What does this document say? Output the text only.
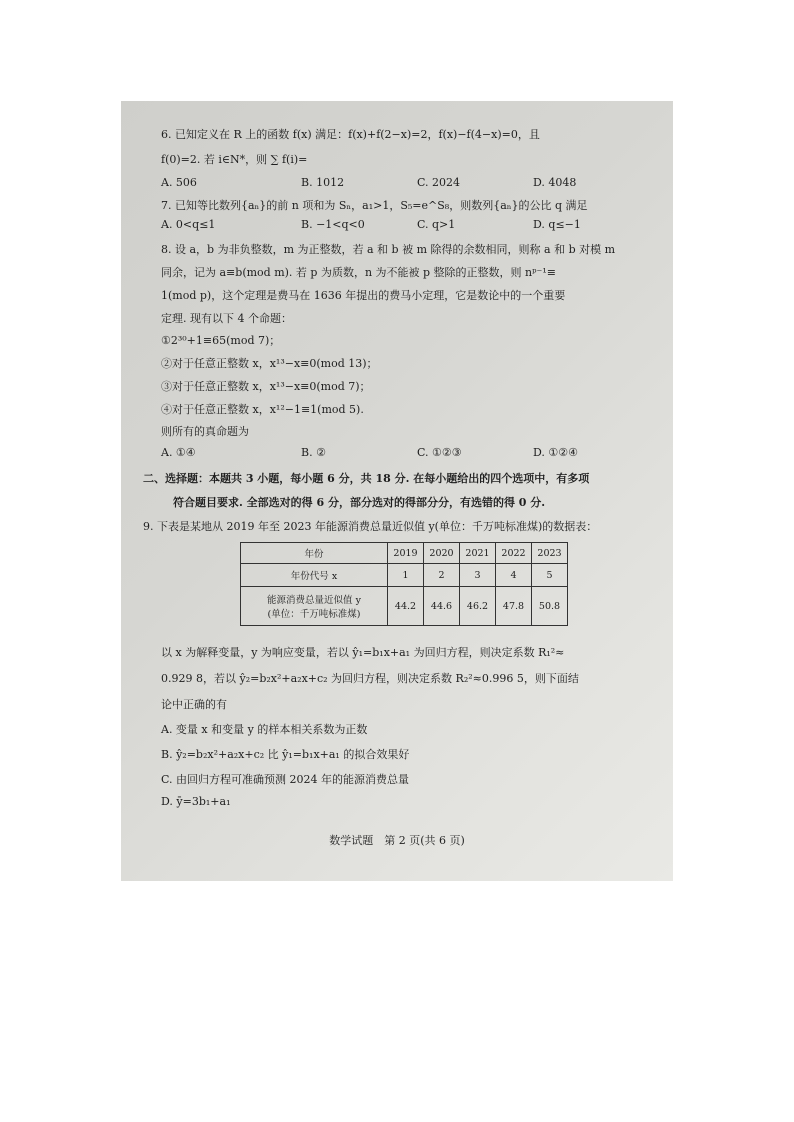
6. 已知定义在 R 上的函数 f(x) 满足：f(x)+f(2−x)=2，f(x)−f(4−x)=0，且
f(0)=2. 若 i∈N*，则 ∑ f(i)=
A. 506	B. 1012	C. 2024	D. 4048
7. 已知等比数列{aₙ}的前 n 项和为 Sₙ，a₁>1，S₅=e^S₈，则数列{aₙ}的公比 q 满足
A. 0<q≤1	B. −1<q<0	C. q>1	D. q≤−1
8. 设 a，b 为非负整数，m 为正整数，若 a 和 b 被 m 除得的余数相同，则称 a 和 b 对模 m
同余，记为 a≡b(mod m). 若 p 为质数，n 为不能被 p 整除的正整数，则 nᵖ⁻¹≡
1(mod p)，这个定理是费马在 1636 年提出的费马小定理，它是数论中的一个重要
定理. 现有以下 4 个命题：
①2³⁰+1≡65(mod 7)；
②对于任意正整数 x，x¹³−x≡0(mod 13)；
③对于任意正整数 x，x¹³−x≡0(mod 7)；
④对于任意正整数 x，x¹²−1≡1(mod 5).
则所有的真命题为
A. ①④	B. ②	C. ①②③	D. ①②④
二、选择题：本题共 3 小题，每小题 6 分，共 18 分. 在每小题给出的四个选项中，有多项
符合题目要求. 全部选对的得 6 分，部分选对的得部分分，有选错的得 0 分.
9. 下表是某地从 2019 年至 2023 年能源消费总量近似值 y(单位：千万吨标准煤)的数据表：
年份	2019	2020	2021	2022	2023
年份代号 x	1	2	3	4	5

能源消费总量近似值 y
(单位：千万吨标准煤)	44.2	44.6	46.2	47.8	50.8
以 x 为解释变量，y 为响应变量，若以 ŷ₁=b₁x+a₁ 为回归方程，则决定系数 R₁²≈
0.929 8，若以 ŷ₂=b₂x²+a₂x+c₂ 为回归方程，则决定系数 R₂²≈0.996 5，则下面结
论中正确的有
A. 变量 x 和变量 y 的样本相关系数为正数
B. ŷ₂=b₂x²+a₂x+c₂ 比 ŷ₁=b₁x+a₁ 的拟合效果好
C. 由回归方程可准确预测 2024 年的能源消费总量
D. ȳ=3b₁+a₁
数学试题　第 2 页(共 6 页)
